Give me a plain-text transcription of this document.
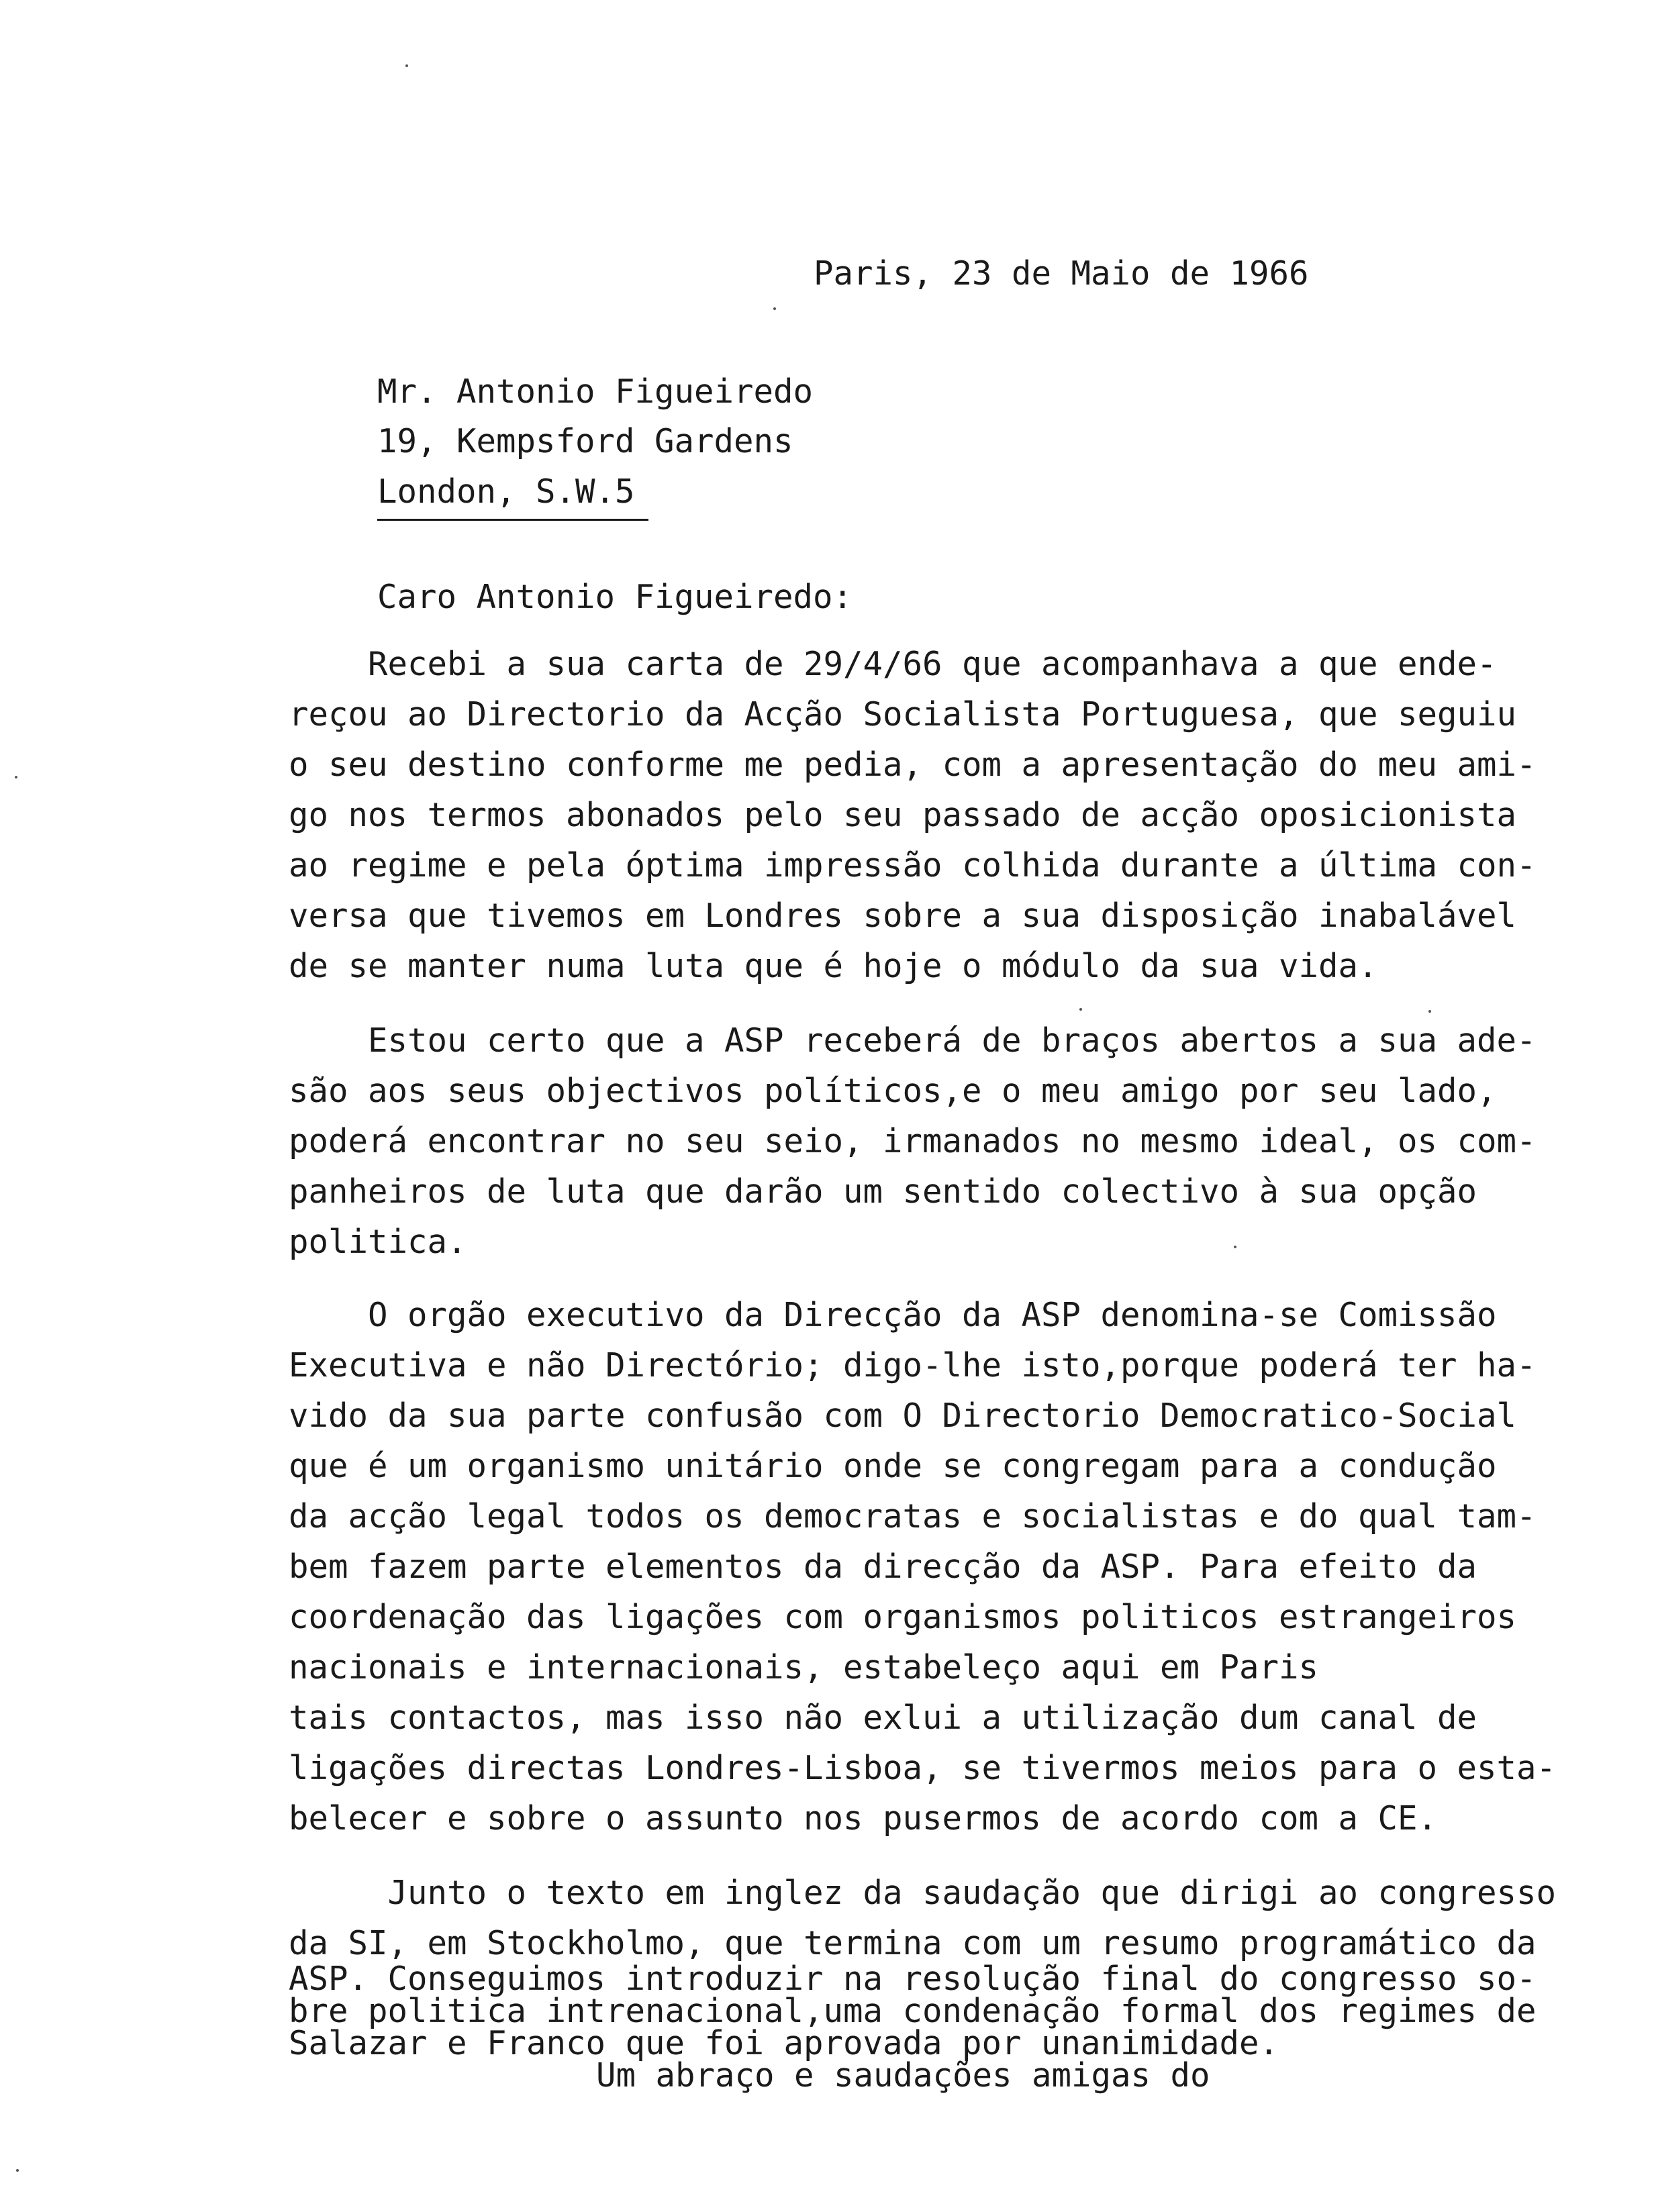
Paris, 23 de Maio de 1966
Mr. Antonio Figueiredo
19, Kempsford Gardens
London, S.W.5
Caro Antonio Figueiredo:

Recebi a sua carta de 29/4/66 que acompanhava a que ende-

reçou ao Directorio da Acção Socialista Portuguesa, que seguiu

o seu destino conforme me pedia, com a apresentação do meu ami-

go nos termos abonados pelo seu passado de acção oposicionista

ao regime e pela óptima impressão colhida durante a última con-

versa que tivemos em Londres sobre a sua disposição inabalável

de se manter numa luta que é hoje o módulo da sua vida.

Estou certo que a ASP receberá de braços abertos a sua ade-

são aos seus objectivos políticos,e o meu amigo por seu lado,

poderá encontrar no seu seio, irmanados no mesmo ideal, os com-

panheiros de luta que darão um sentido colectivo à sua opção

politica.

O orgão executivo da Direcção da ASP denomina-se Comissão

Executiva e não Directório; digo-lhe isto,porque poderá ter ha-

vido da sua parte confusão com O Directorio Democratico-Social

que é um organismo unitário onde se congregam para a condução

da acção legal todos os democratas e socialistas e do qual tam-

bem fazem parte elementos da direcção da ASP. Para efeito da

coordenação das ligações com organismos politicos estrangeiros

nacionais e internacionais, estabeleço aqui em Paris

tais contactos, mas isso não exlui a utilização dum canal de

ligações directas Londres-Lisboa, se tivermos meios para o esta-

belecer e sobre o assunto nos pusermos de acordo com a CE.

Junto o texto em inglez da saudação que dirigi ao congresso

da SI, em Stockholmo, que termina com um resumo programático da

ASP. Conseguimos introduzir na resolução final do congresso so-

bre politica intrenacional,uma condenação formal dos regimes de

Salazar e Franco que foi aprovada por unanimidade.

Um abraço e saudações amigas do
